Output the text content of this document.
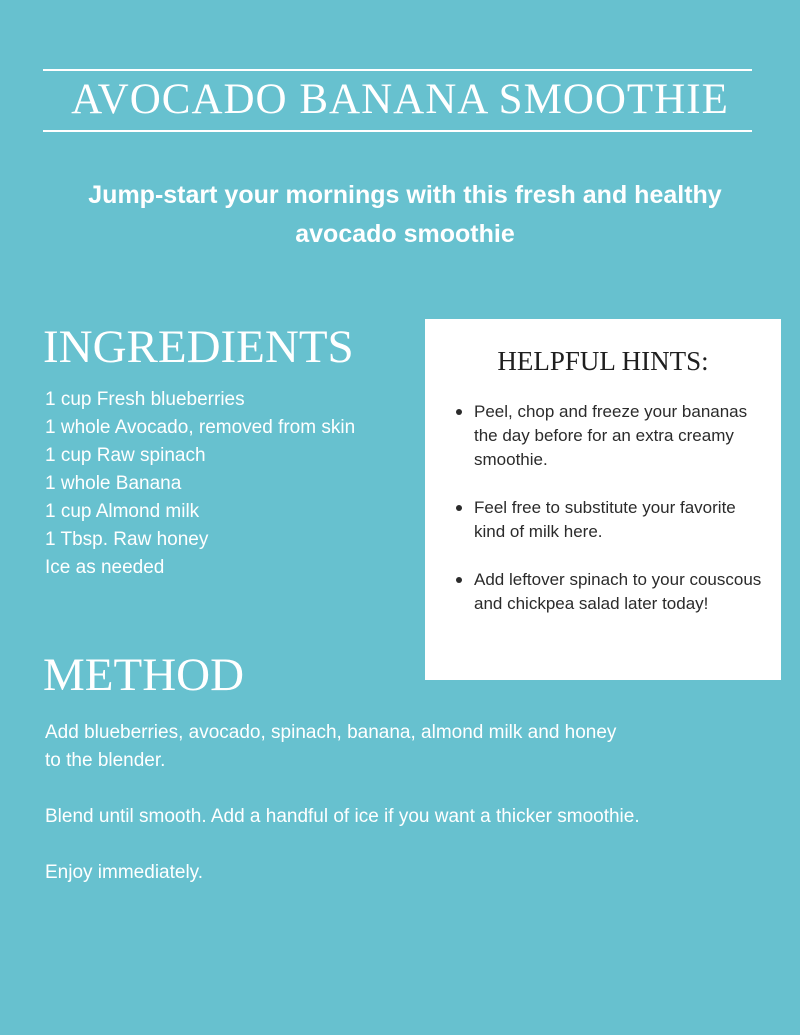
AVOCADO BANANA SMOOTHIE
Jump-start your mornings with this fresh and healthy avocado smoothie
INGREDIENTS
1 cup Fresh blueberries
1 whole Avocado, removed from skin
1 cup Raw spinach
1 whole Banana
1 cup Almond milk
1 Tbsp. Raw honey
Ice as needed
HELPFUL HINTS:
Peel, chop and freeze your bananas the day before for an extra creamy smoothie.
Feel free to substitute your favorite kind of milk here.
Add leftover spinach to your couscous and chickpea salad later today!
METHOD

Add blueberries, avocado, spinach, banana, almond milk and honey to the blender.

Blend until smooth. Add a handful of ice if you want a thicker smoothie.

Enjoy immediately.
